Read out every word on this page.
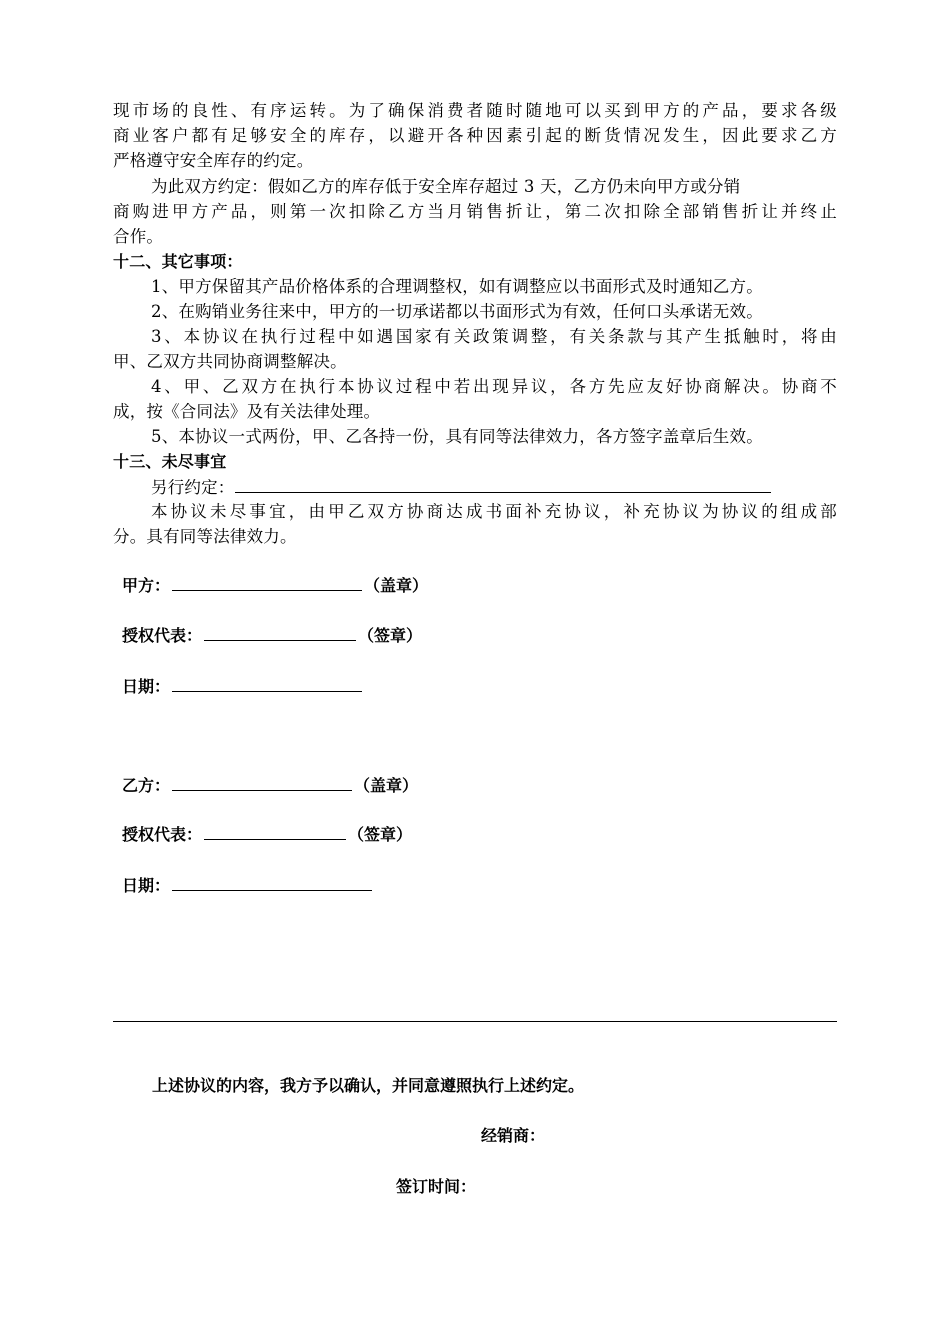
现市场的良性、有序运转。为了确保消费者随时随地可以买到甲方的产品，要求各级
商业客户都有足够安全的库存，以避开各种因素引起的断货情况发生，因此要求乙方
严格遵守安全库存的约定。
为此双方约定：假如乙方的库存低于安全库存超过 3 天，乙方仍未向甲方或分销
商购进甲方产品，则第一次扣除乙方当月销售折让，第二次扣除全部销售折让并终止
合作。
十二、其它事项：
1、甲方保留其产品价格体系的合理调整权，如有调整应以书面形式及时通知乙方。
2、在购销业务往来中，甲方的一切承诺都以书面形式为有效，任何口头承诺无效。
3、本协议在执行过程中如遇国家有关政策调整，有关条款与其产生抵触时，将由
甲、乙双方共同协商调整解决。
4、甲、乙双方在执行本协议过程中若出现异议，各方先应友好协商解决。协商不
成，按《合同法》及有关法律处理。
5、本协议一式两份，甲、乙各持一份，具有同等法律效力，各方签字盖章后生效。
十三、未尽事宜
另行约定：
本协议未尽事宜，由甲乙双方协商达成书面补充协议，补充协议为协议的组成部
分。具有同等法律效力。
甲方：	（盖章）
授权代表：	（签章）
日期：
乙方：	（盖章）
授权代表：	（签章）
日期：
上述协议的内容，我方予以确认，并同意遵照执行上述约定。
经销商：
签订时间：
